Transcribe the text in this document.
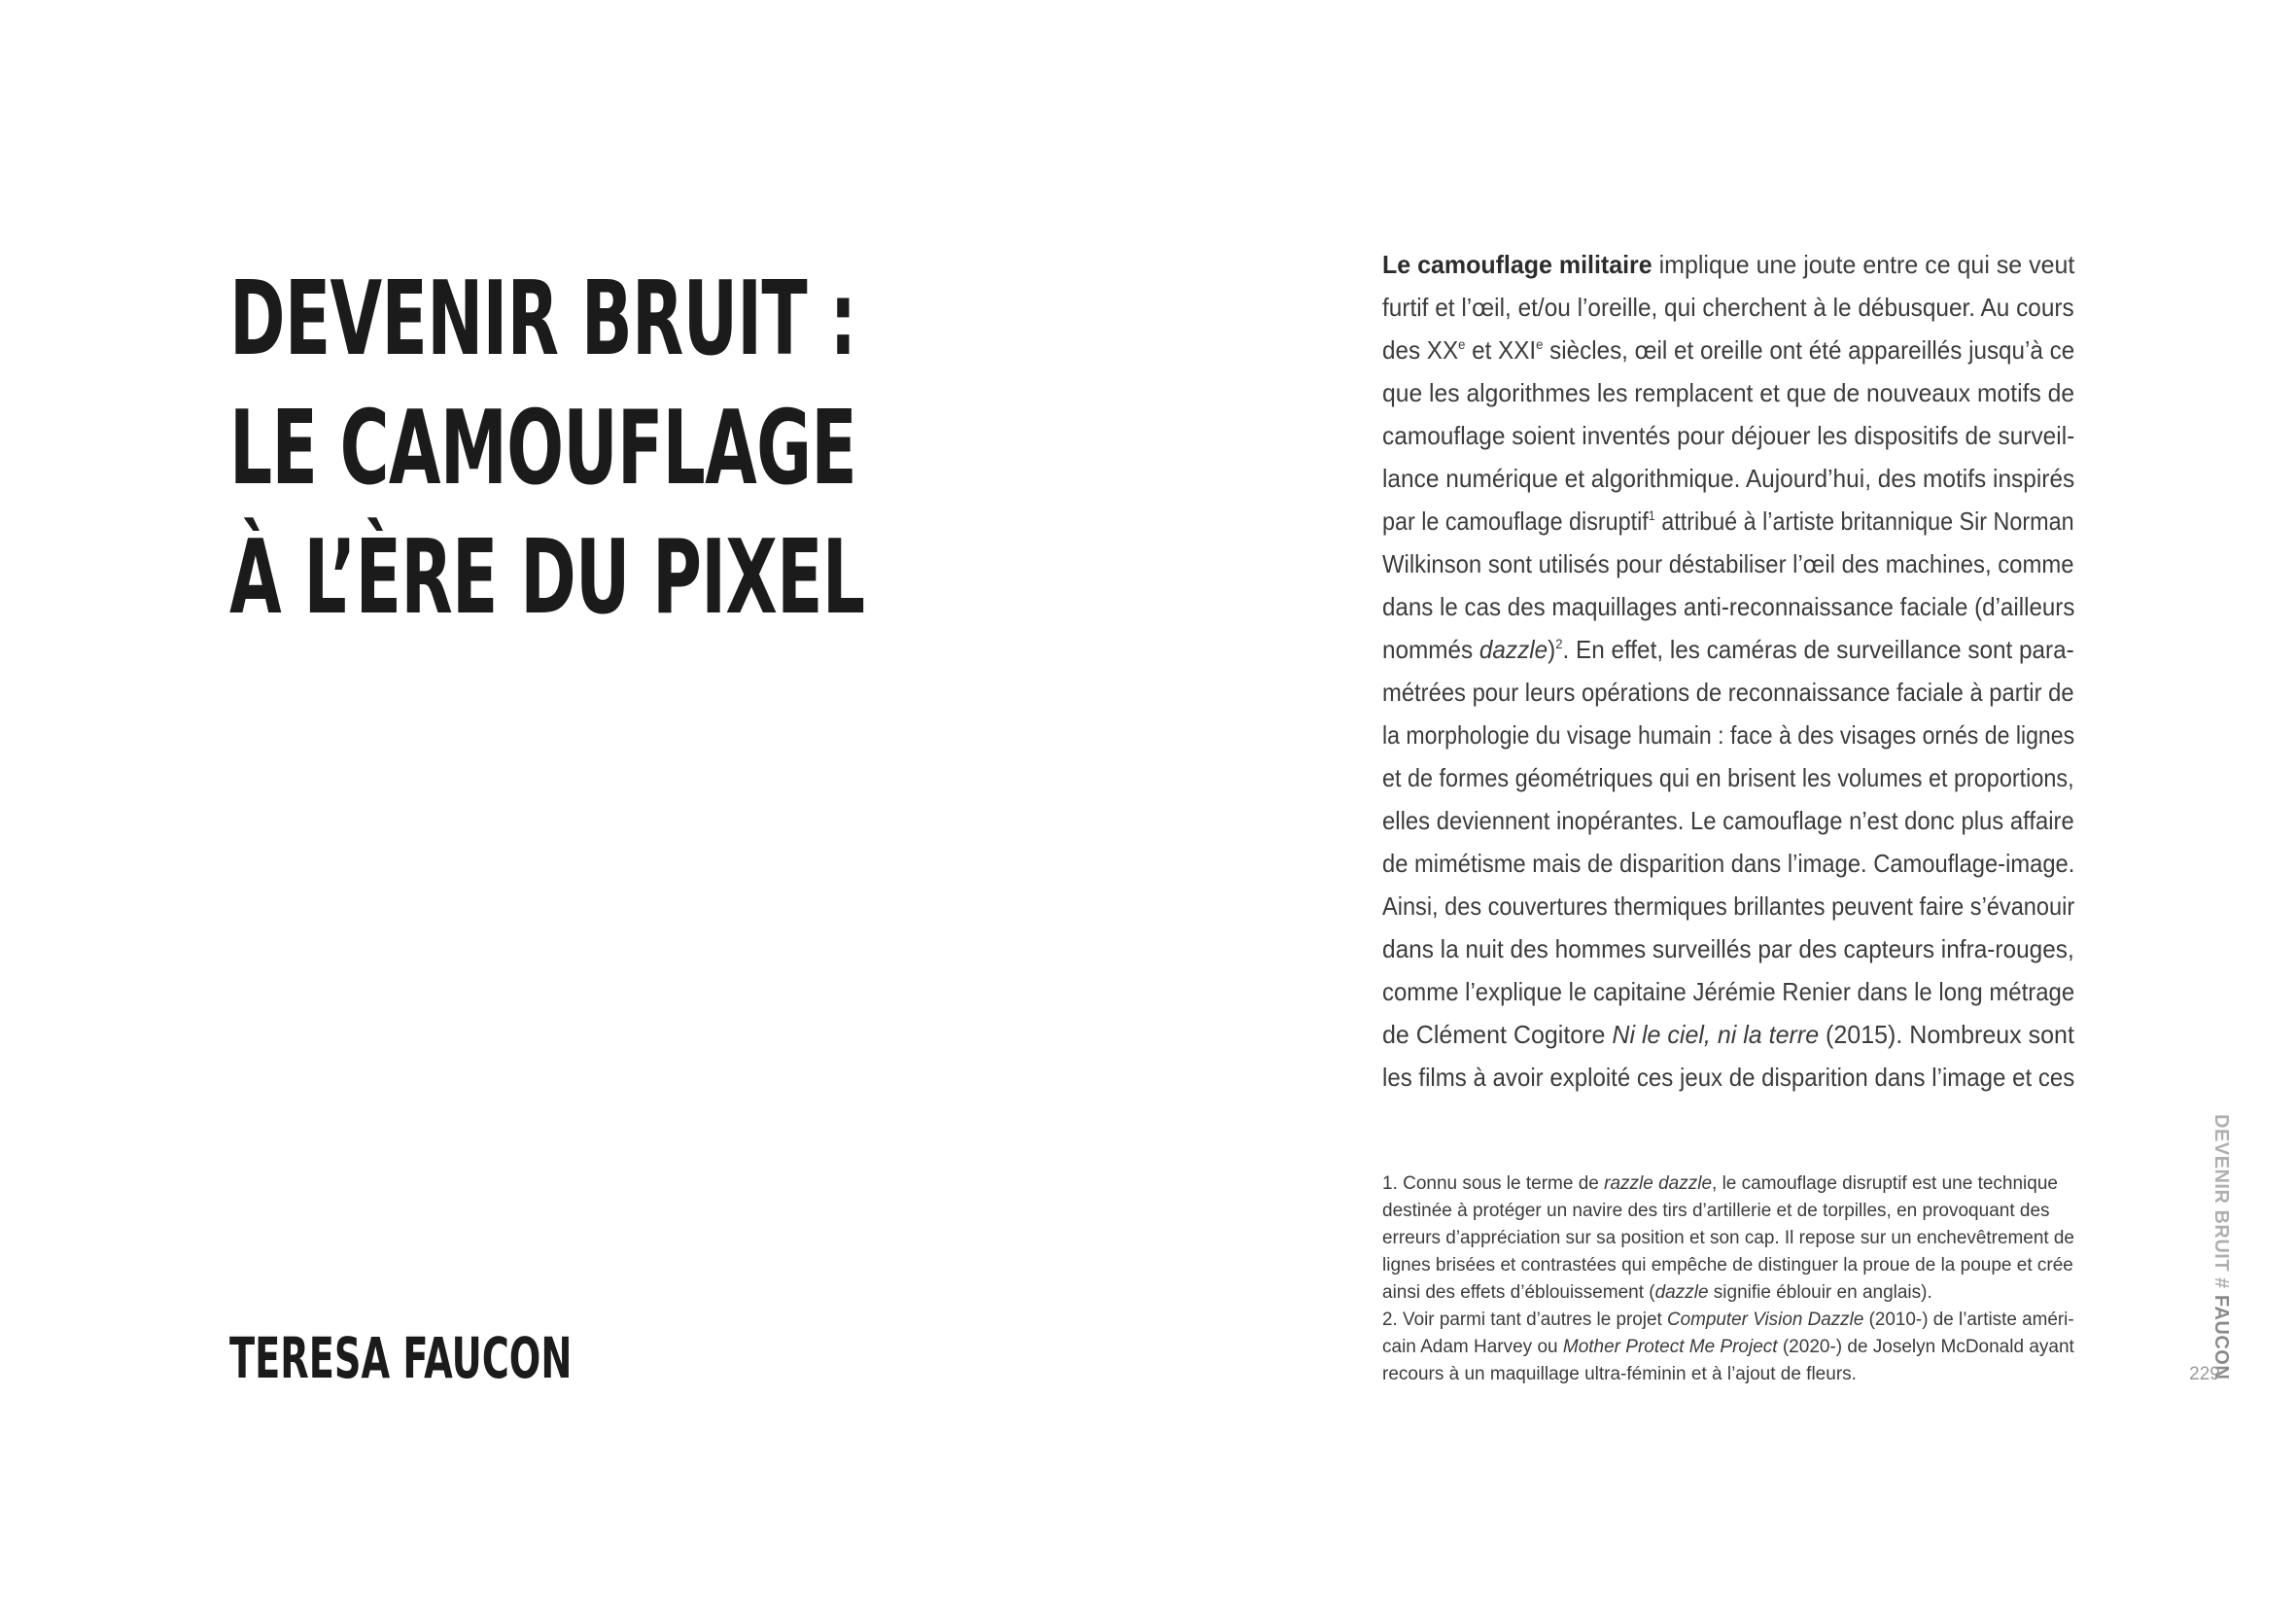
DEVENIR BRUIT :
LE CAMOUFLAGE
À L’ÈRE DU PIXEL
TERESA FAUCON
Le camouflage militaire implique une joute entre ce qui se veut
furtif et l’œil, et/ou l’oreille, qui cherchent à le débusquer. Au cours
des XXe et XXIe siècles, œil et oreille ont été appareillés jusqu’à ce
que les algorithmes les remplacent et que de nouveaux motifs de
camouflage soient inventés pour déjouer les dispositifs de surveil-
lance numérique et algorithmique. Aujourd’hui, des motifs inspirés
par le camouflage disruptif$^1$ attribué à l’artiste britannique Sir Norman
Wilkinson sont utilisés pour déstabiliser l’œil des machines, comme
dans le cas des maquillages anti-reconnaissance faciale (d’ailleurs
nommés dazzle)$^2$. En effet, les caméras de surveillance sont para-
métrées pour leurs opérations de reconnaissance faciale à partir de
la morphologie du visage humain : face à des visages ornés de lignes
et de formes géométriques qui en brisent les volumes et proportions,
elles deviennent inopérantes. Le camouflage n’est donc plus affaire
de mimétisme mais de disparition dans l’image. Camouflage-image.
Ainsi, des couvertures thermiques brillantes peuvent faire s’évanouir
dans la nuit des hommes surveillés par des capteurs infra-rouges,
comme l’explique le capitaine Jérémie Renier dans le long métrage
de Clément Cogitore Ni le ciel, ni la terre (2015). Nombreux sont
les films à avoir exploité ces jeux de disparition dans l’image et ces
1. Connu sous le terme de razzle dazzle, le camouflage disruptif est une technique
destinée à protéger un navire des tirs d’artillerie et de torpilles, en provoquant des
erreurs d’appréciation sur sa position et son cap. Il repose sur un enchevêtrement de
lignes brisées et contrastées qui empêche de distinguer la proue de la poupe et crée
ainsi des effets d’éblouissement (dazzle signifie éblouir en anglais).
2. Voir parmi tant d’autres le projet Computer Vision Dazzle (2010-) de l’artiste améri-
cain Adam Harvey ou Mother Protect Me Project (2020-) de Joselyn McDonald ayant
recours à un maquillage ultra-féminin et à l’ajout de fleurs.
DEVENIR BRUIT # FAUCON
229
